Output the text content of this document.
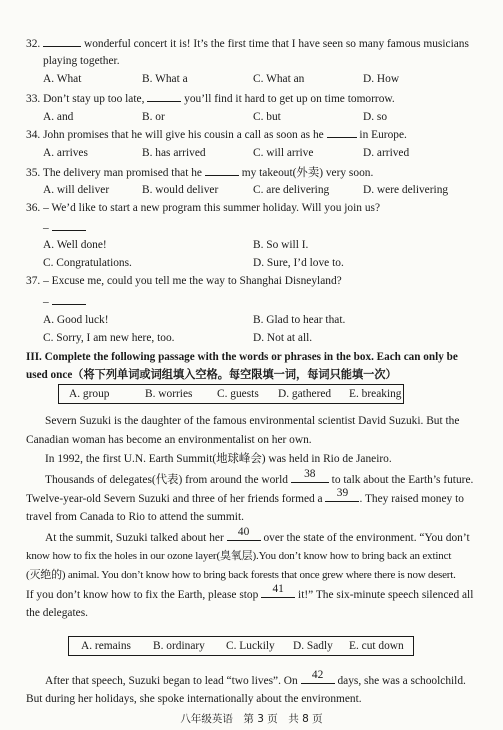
32.	wonderful concert it is! It’s the first time that I have seen so many famous musicians
playing together.
A. What	B. What a	C. What an	D. How
33. Don’t stay up too late,	you’ll find it hard to get up on time tomorrow.
A. and	B. or	C. but	D. so
34. John promises that he will give his cousin a call as soon as he	in Europe.
A. arrives	B. has arrived	C. will arrive	D. arrived
35. The delivery man promised that he	my takeout(外卖) very soon.
A. will deliver	B. would deliver	C. are delivering	D. were delivering
36. – We’d like to start a new program this summer holiday. Will you join us?
–
A. Well done!	B. So will I.
C. Congratulations.	D. Sure, I’d love to.
37. – Excuse me, could you tell me the way to Shanghai Disneyland?
–
A. Good luck!	B. Glad to hear that.
C. Sorry, I am new here, too.	D. Not at all.
III. Complete the following passage with the words or phrases in the box. Each can only be
used once（将下列单词或词组填入空格。每空限填一词，每词只能填一次）
A. group	B. worries C. guests D. gathered E. breaking
Severn Suzuki is the daughter of the famous environmental scientist David Suzuki. But the
Canadian woman has become an environmentalist on her own.
In 1992, the first U.N. Earth Summit(地球峰会) was held in Rio de Janeiro.
Thousands of delegates(代表) from around the world	38	to talk about the Earth’s future.
Twelve-year-old Severn Suzuki and three of her friends formed a	39 . They raised money to
travel from Canada to Rio to attend the summit.
At the summit, Suzuki talked about her	40	over the state of the environment. “You don’t
know how to fix the holes in our ozone layer(臭氧层).You don’t know how to bring back an extinct
(灭绝的) animal. You don’t know how to bring back forests that once grew where there is now desert.
If you don’t know how to fix the Earth, please stop	41	it!” The six-minute speech silenced all
the delegates.
A. remains B. ordinary C. Luckily D. Sadly E. cut down
After that speech, Suzuki began to lead “two lives”. On	42	days, she was a schoolchild.
But during her holidays, she spoke internationally about the environment.
八年级英语　第 3 页　共 8 页
